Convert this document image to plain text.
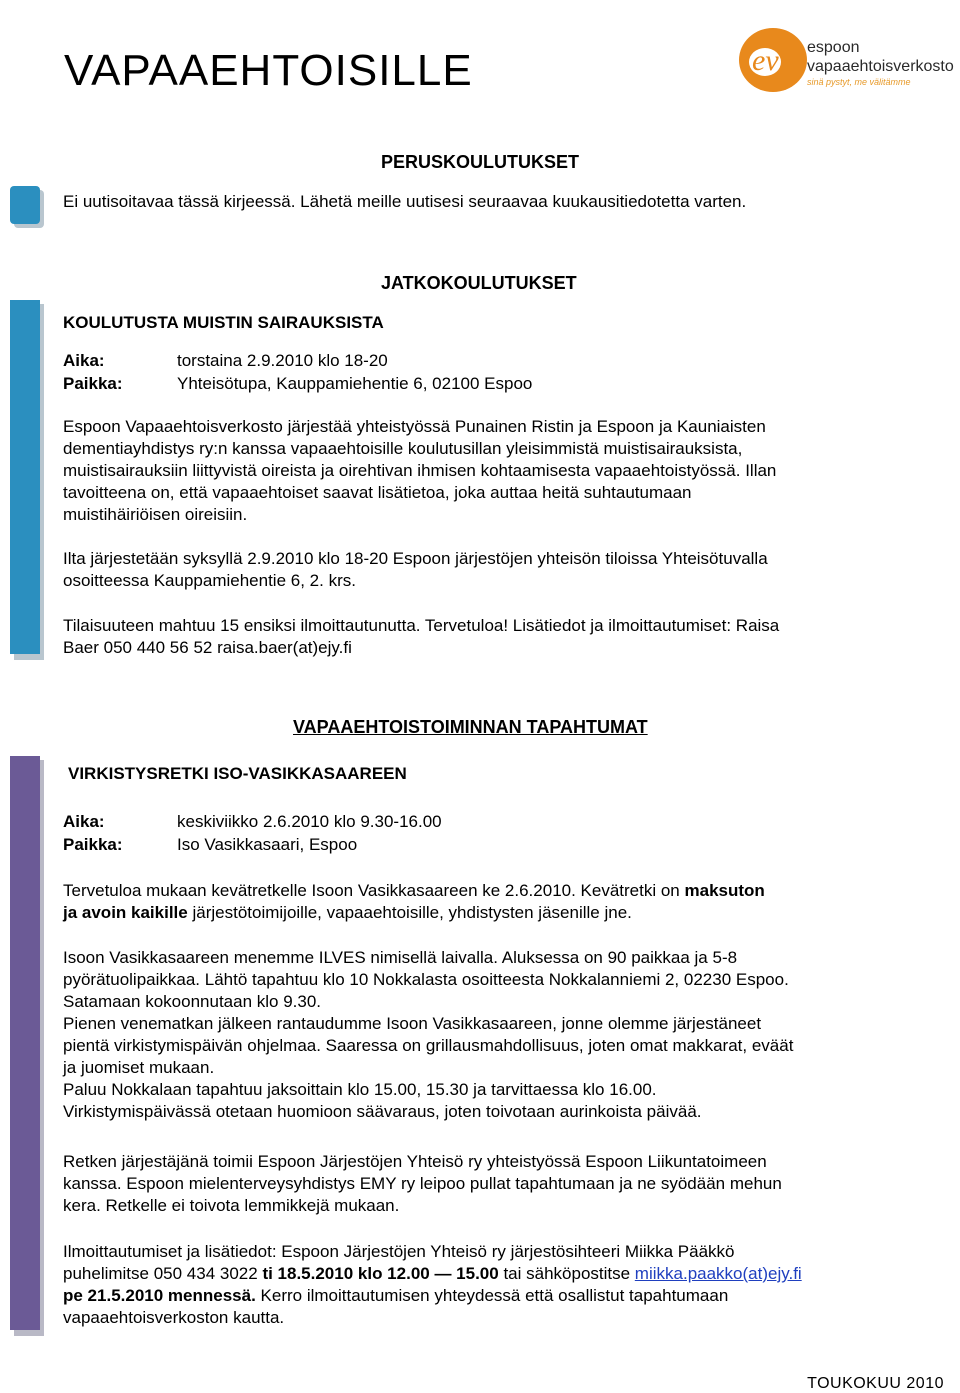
VAPAAEHTOISILLE	ev espoon
vapaaehtoisverkosto
sinä pystyt, me välitämme
PERUSKOULUTUKSET
Ei uutisoitavaa tässä kirjeessä. Lähetä meille uutisesi seuraavaa kuukausitiedotetta varten.
JATKOKOULUTUKSET
KOULUTUSTA MUISTIN SAIRAUKSISTA
Aika:	torstaina 2.9.2010 klo 18-20
Paikka:	Yhteisötupa, Kauppamiehentie 6, 02100 Espoo
Espoon Vapaaehtoisverkosto järjestää yhteistyössä Punainen Ristin ja Espoon ja Kauniaisten
dementiayhdistys ry:n kanssa vapaaehtoisille koulutusillan yleisimmistä muistisairauksista,
muistisairauksiin liittyvistä oireista ja oirehtivan ihmisen kohtaamisesta vapaaehtoistyössä. Illan
tavoitteena on, että vapaaehtoiset saavat lisätietoa, joka auttaa heitä suhtautumaan
muistihäiriöisen oireisiin.
Ilta järjestetään syksyllä 2.9.2010 klo 18-20 Espoon järjestöjen yhteisön tiloissa Yhteisötuvalla
osoitteessa Kauppamiehentie 6, 2. krs.
Tilaisuuteen mahtuu 15 ensiksi ilmoittautunutta. Tervetuloa! Lisätiedot ja ilmoittautumiset: Raisa
Baer 050 440 56 52 raisa.baer(at)ejy.fi
VAPAAEHTOISTOIMINNAN TAPAHTUMAT
VIRKISTYSRETKI ISO-VASIKKASAAREEN
Aika:	keskiviikko 2.6.2010 klo 9.30-16.00
Paikka:	Iso Vasikkasaari, Espoo
Tervetuloa mukaan kevätretkelle Isoon Vasikkasaareen ke 2.6.2010. Kevätretki on maksuton
ja avoin kaikille järjestötoimijoille, vapaaehtoisille, yhdistysten jäsenille jne.
Isoon Vasikkasaareen menemme ILVES nimisellä laivalla. Aluksessa on 90 paikkaa ja 5-8
pyörätuolipaikkaa. Lähtö tapahtuu klo 10 Nokkalasta osoitteesta Nokkalanniemi 2, 02230 Espoo.
Satamaan kokoonnutaan klo 9.30.
Pienen venematkan jälkeen rantaudumme Isoon Vasikkasaareen, jonne olemme järjestäneet
pientä virkistymispäivän ohjelmaa. Saaressa on grillausmahdollisuus, joten omat makkarat, eväät
ja juomiset mukaan.
Paluu Nokkalaan tapahtuu jaksoittain klo 15.00, 15.30 ja tarvittaessa klo 16.00.
Virkistymispäivässä otetaan huomioon säävaraus, joten toivotaan aurinkoista päivää.
Retken järjestäjänä toimii Espoon Järjestöjen Yhteisö ry yhteistyössä Espoon Liikuntatoimeen
kanssa. Espoon mielenterveysyhdistys EMY ry leipoo pullat tapahtumaan ja ne syödään mehun
kera. Retkelle ei toivota lemmikkejä mukaan.
Ilmoittautumiset ja lisätiedot: Espoon Järjestöjen Yhteisö ry järjestösihteeri Miikka Pääkkö
puhelimitse 050 434 3022 ti 18.5.2010 klo 12.00 — 15.00 tai sähköpostitse miikka.paakko(at)ejy.fi
pe 21.5.2010 mennessä. Kerro ilmoittautumisen yhteydessä että osallistut tapahtumaan
vapaaehtoisverkoston kautta.
TOUKOKUU 2010
